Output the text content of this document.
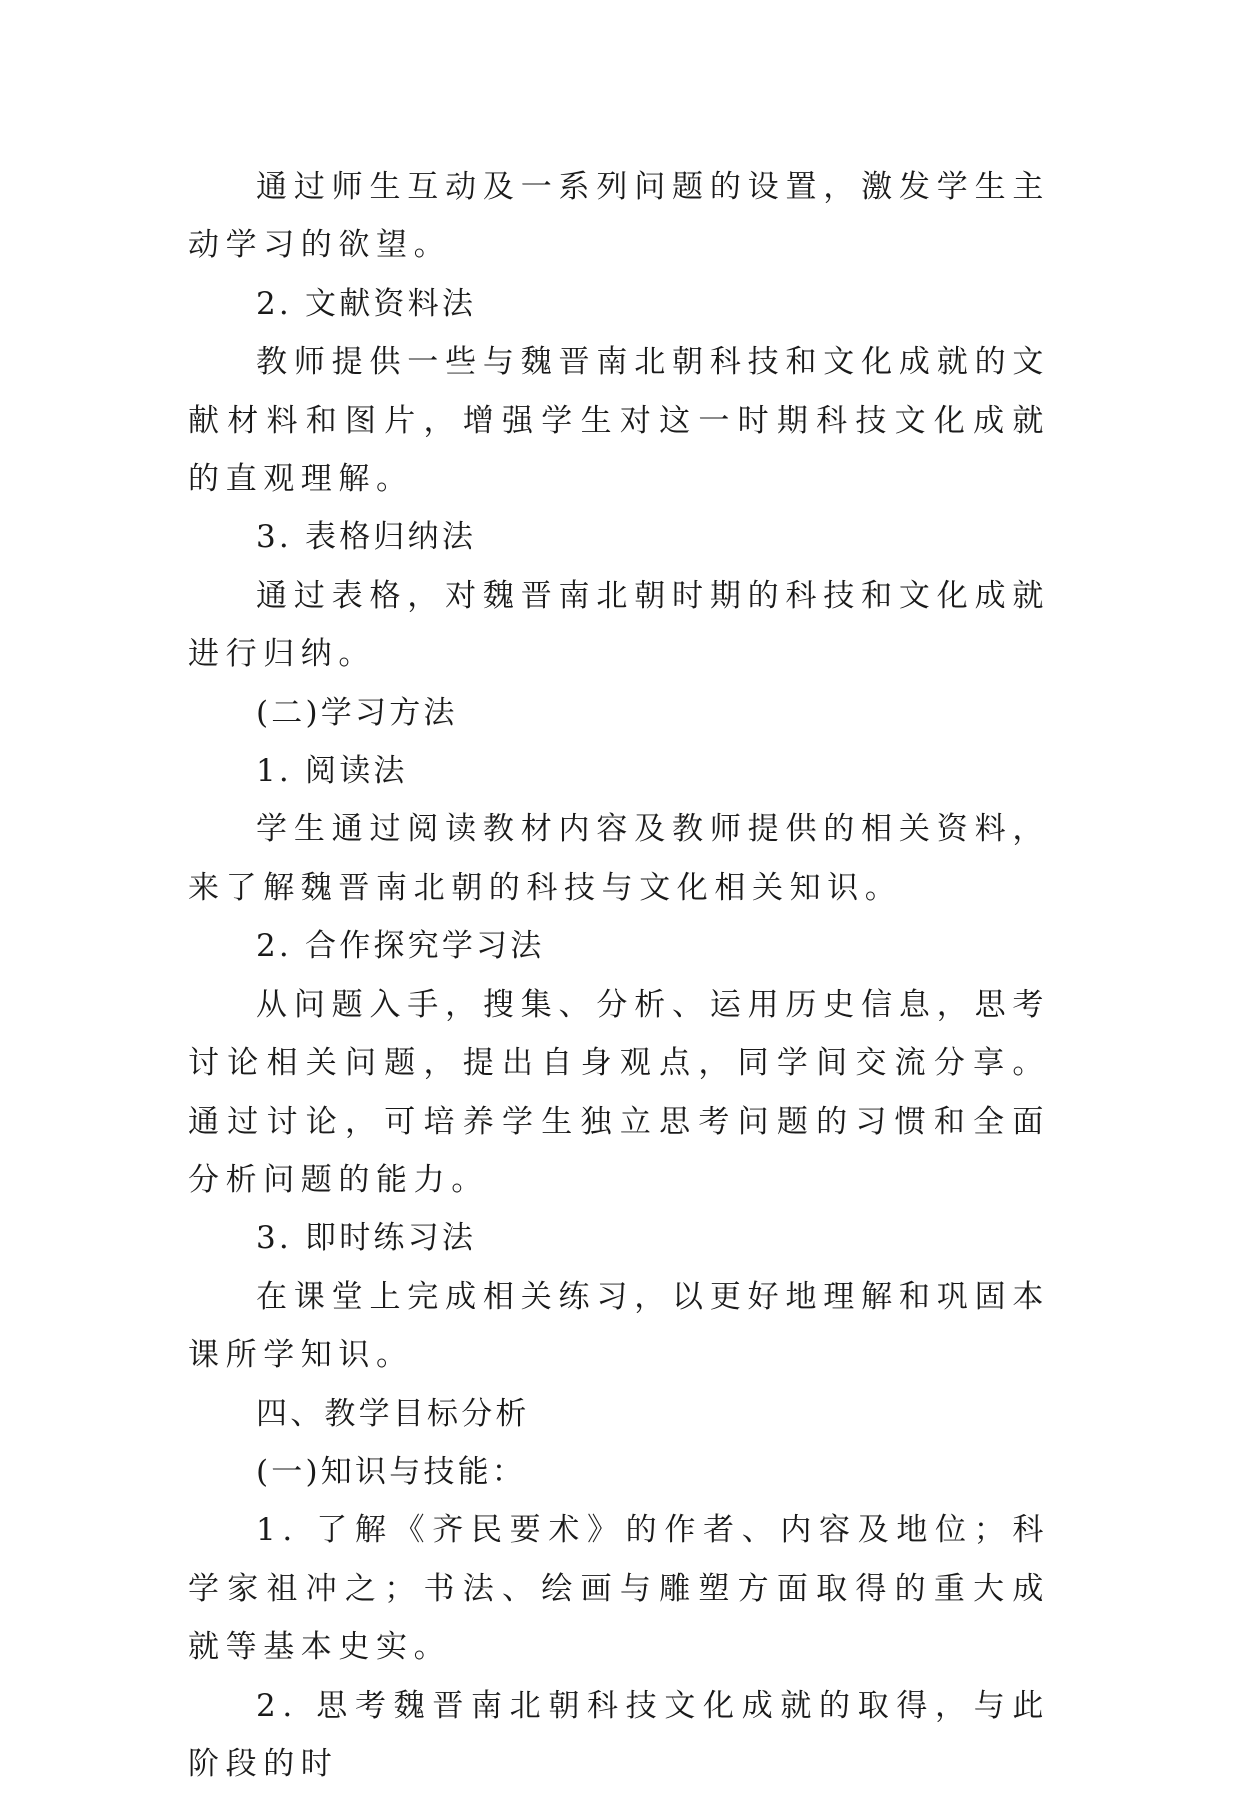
通过师生互动及一系列问题的设置，激发学生主动学习的欲望。

2. 文献资料法

教师提供一些与魏晋南北朝科技和文化成就的文献材料和图片，增强学生对这一时期科技文化成就的直观理解。

3. 表格归纳法

通过表格，对魏晋南北朝时期的科技和文化成就进行归纳。

(二)学习方法

1. 阅读法

学生通过阅读教材内容及教师提供的相关资料，来了解魏晋南北朝的科技与文化相关知识。

2. 合作探究学习法

从问题入手，搜集、分析、运用历史信息，思考讨论相关问题，提出自身观点，同学间交流分享。通过讨论，可培养学生独立思考问题的习惯和全面分析问题的能力。

3. 即时练习法

在课堂上完成相关练习，以更好地理解和巩固本课所学知识。

四、教学目标分析

(一)知识与技能：

1. 了解《齐民要术》的作者、内容及地位；科学家祖冲之；书法、绘画与雕塑方面取得的重大成就等基本史实。

2. 思考魏晋南北朝科技文化成就的取得，与此阶段的时
